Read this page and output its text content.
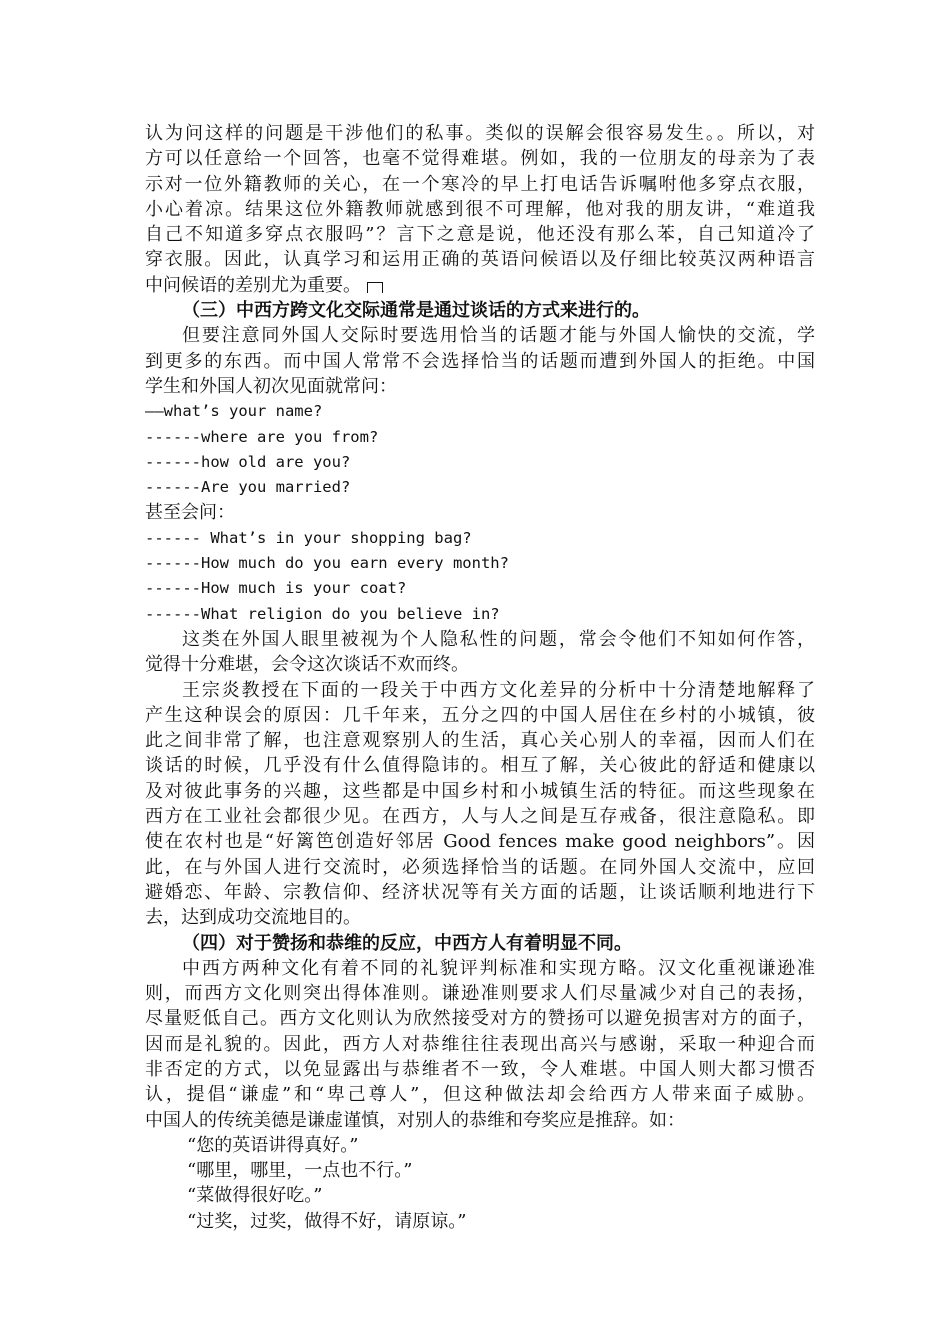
认为问这样的问题是干涉他们的私事。类似的误解会很容易发生。。所以，对
方可以任意给一个回答，也毫不觉得难堪。例如，我的一位朋友的母亲为了表
示对一位外籍教师的关心，在一个寒冷的早上打电话告诉嘱咐他多穿点衣服，
小心着凉。结果这位外籍教师就感到很不可理解，他对我的朋友讲，“难道我
自己不知道多穿点衣服吗”？言下之意是说，他还没有那么苯，自己知道冷了
穿衣服。因此，认真学习和运用正确的英语问候语以及仔细比较英汉两种语言
中问候语的差别尤为重要。
（三）中西方跨文化交际通常是通过谈话的方式来进行的。
但要注意同外国人交际时要选用恰当的话题才能与外国人愉快的交流，学
到更多的东西。而中国人常常不会选择恰当的话题而遭到外国人的拒绝。中国
学生和外国人初次见面就常问：
——what’s your name?
------where are you from?
------how old are you?
------Are you married?
甚至会问：
------ What’s in your shopping bag?
------How much do you earn every month?
------How much is your coat?
------What religion do you believe in?
这类在外国人眼里被视为个人隐私性的问题，常会令他们不知如何作答，
觉得十分难堪，会令这次谈话不欢而终。
王宗炎教授在下面的一段关于中西方文化差异的分析中十分清楚地解释了
产生这种误会的原因：几千年来，五分之四的中国人居住在乡村的小城镇，彼
此之间非常了解，也注意观察别人的生活，真心关心别人的幸福，因而人们在
谈话的时候，几乎没有什么值得隐讳的。相互了解，关心彼此的舒适和健康以
及对彼此事务的兴趣，这些都是中国乡村和小城镇生活的特征。而这些现象在
西方在工业社会都很少见。在西方，人与人之间是互存戒备，很注意隐私。即
使在农村也是“好篱笆创造好邻居 Good fences make good neighbors”。因
此，在与外国人进行交流时，必须选择恰当的话题。在同外国人交流中，应回
避婚恋、年龄、宗教信仰、经济状况等有关方面的话题，让谈话顺利地进行下
去，达到成功交流地目的。
（四）对于赞扬和恭维的反应，中西方人有着明显不同。
中西方两种文化有着不同的礼貌评判标准和实现方略。汉文化重视谦逊准
则，而西方文化则突出得体准则。谦逊准则要求人们尽量减少对自己的表扬，
尽量贬低自己。西方文化则认为欣然接受对方的赞扬可以避免损害对方的面子，
因而是礼貌的。因此，西方人对恭维往往表现出高兴与感谢，采取一种迎合而
非否定的方式，以免显露出与恭维者不一致，令人难堪。中国人则大都习惯否
认，提倡“谦虚”和“卑己尊人”，但这种做法却会给西方人带来面子威胁。
中国人的传统美德是谦虚谨慎，对别人的恭维和夸奖应是推辞。如：
“您的英语讲得真好。”
“哪里，哪里，一点也不行。”
“菜做得很好吃。”
“过奖，过奖，做得不好，请原谅。”
